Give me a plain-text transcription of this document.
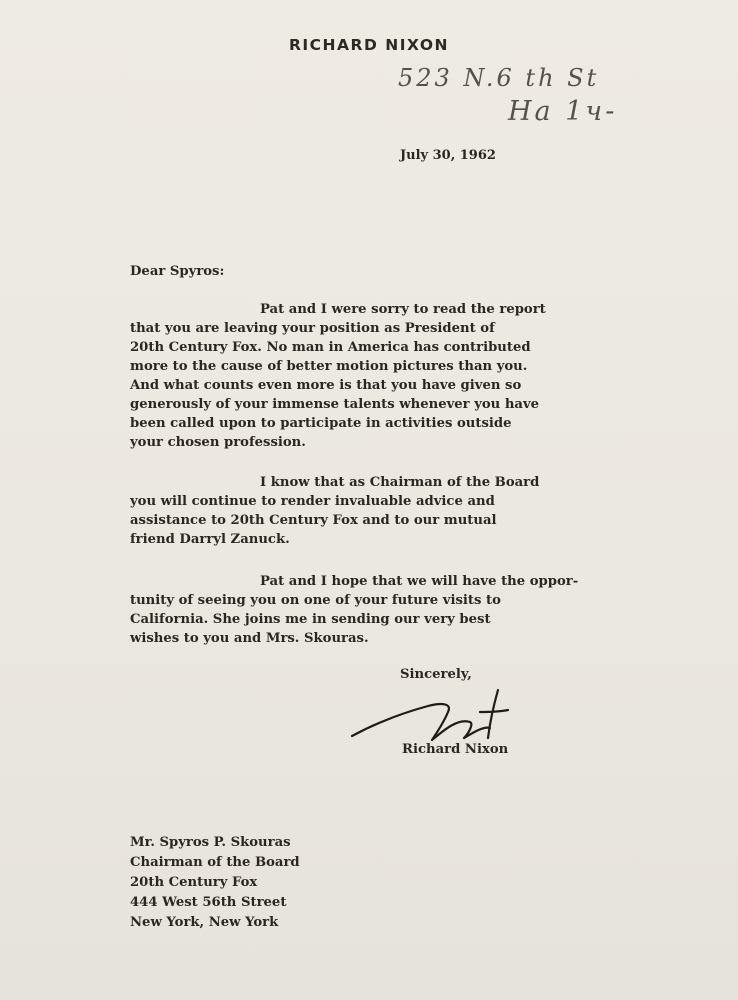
RICHARD NIXON
523 N.6 th St
Ha 1ч-
July 30, 1962
Dear Spyros:
Pat and I were sorry to read the report
that you are leaving your position as President of
20th Century Fox. No man in America has contributed
more to the cause of better motion pictures than you.
And what counts even more is that you have given so
generously of your immense talents whenever you have
been called upon to participate in activities outside
your chosen profession.
I know that as Chairman of the Board
you will continue to render invaluable advice and
assistance to 20th Century Fox and to our mutual
friend Darryl Zanuck.
Pat and I hope that we will have the oppor-
tunity of seeing you on one of your future visits to
California. She joins me in sending our very best
wishes to you and Mrs. Skouras.
Sincerely,
Richard Nixon
Mr. Spyros P. Skouras
Chairman of the Board
20th Century Fox
444 West 56th Street
New York, New York
